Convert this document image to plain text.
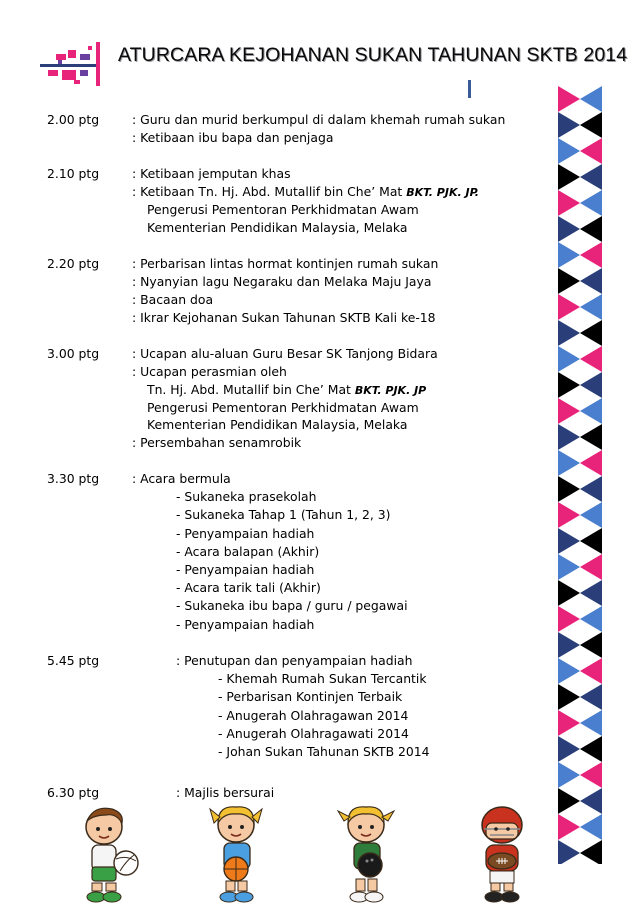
ATURCARA KEJOHANAN SUKAN TAHUNAN SKTB 2014
2.00 ptg	: Guru dan murid berkumpul di dalam khemah rumah sukan
: Ketibaan ibu bapa dan penjaga
2.10 ptg	: Ketibaan jemputan khas
: Ketibaan Tn. Hj. Abd. Mutallif bin Che’ Mat BKT. PJK. JP.
Pengerusi Pementoran Perkhidmatan Awam
Kementerian Pendidikan Malaysia, Melaka
2.20 ptg	: Perbarisan lintas hormat kontinjen rumah sukan
: Nyanyian lagu Negaraku dan Melaka Maju Jaya
: Bacaan doa
: Ikrar Kejohanan Sukan Tahunan SKTB Kali ke-18
3.00 ptg	: Ucapan alu-aluan Guru Besar SK Tanjong Bidara
: Ucapan perasmian oleh
Tn. Hj. Abd. Mutallif bin Che’ Mat BKT. PJK. JP
Pengerusi Pementoran Perkhidmatan Awam
Kementerian Pendidikan Malaysia, Melaka
: Persembahan senamrobik
3.30 ptg	: Acara bermula
- Sukaneka prasekolah
- Sukaneka Tahap 1 (Tahun 1, 2, 3)
- Penyampaian hadiah
- Acara balapan (Akhir)
- Penyampaian hadiah
- Acara tarik tali (Akhir)
- Sukaneka ibu bapa / guru / pegawai
- Penyampaian hadiah
5.45 ptg	: Penutupan dan penyampaian hadiah
- Khemah Rumah Sukan Tercantik
- Perbarisan Kontinjen Terbaik
- Anugerah Olahragawan 2014
- Anugerah Olahragawati 2014
- Johan Sukan Tahunan SKTB 2014
6.30 ptg	: Majlis bersurai
